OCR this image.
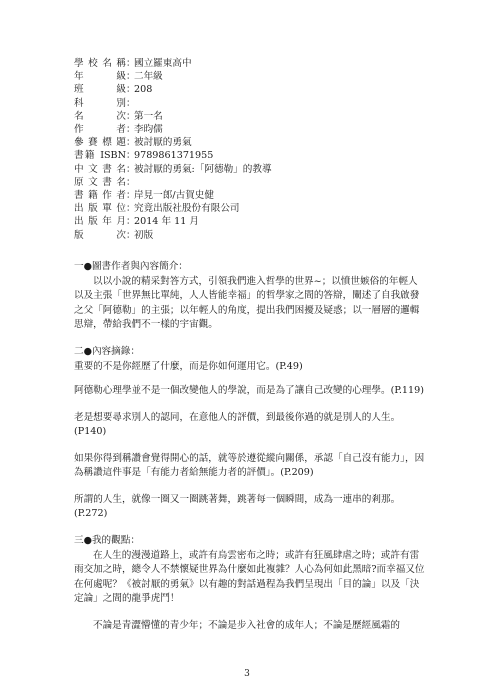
學校名稱 ：
國立羅東高中
年級 ：
二年級
班級 ：
208
科別 ：
名次 ：
第一名
作者 ：
李昀儒
參賽標題 ：
被討厭的勇氣
書籍 ISBN ：
9789861371955
中文書名 ：
被討厭的勇氣:「阿德勒」的教導
原文書名 ：
書籍作者 ：
岸見一郎/古賀史健
出版單位 ：
究竟出版社股份有限公司
出版年月 ：
2014 年 11 月
版次 ：
初版
一●圖書作者與內容簡介：
以以小說的精采對答方式，引領我們進入哲學的世界~；以憤世嫉俗的年輕人以及主張「世界無比單純，人人皆能幸福」的哲學家之間的答辯，闡述了自我啟發之父「阿德勒」的主張；以年輕人的角度，提出我們困擾及疑惑；以一層層的邏輯思辯，帶給我們不一樣的宇宙觀。
二●內容摘錄：

重要的不是你經歷了什麼，而是你如何運用它。(P.49)

阿德勒心理學並不是一個改變他人的學說，而是為了讓自己改變的心理學。(P.119)

老是想要尋求別人的認同，在意他人的評價，到最後你過的就是別人的人生。(P140)

如果你得到稱讚會覺得開心的話，就等於遵從縱向關係，承認「自己沒有能力」，因為稱讚這件事是「有能力者給無能力者的評價」。(P.209)

所謂的人生，就像一圈又一圈跳著舞，跳著每一個瞬間，成為一連串的剎那。(P.272)

三●我的觀點：
在人生的漫漫道路上，或許有烏雲密布之時；或許有狂風肆虐之時；或許有雷雨交加之時，總令人不禁懷疑世界為什麼如此複雜？人心為何如此黑暗?而幸福又位在何處呢？《被討厭的勇氣》以有趣的對話過程為我們呈現出「目的論」以及「決定論」之間的龍爭虎鬥！
不論是青澀懵懂的青少年；不論是步入社會的成年人；不論是歷經風霜的
3
